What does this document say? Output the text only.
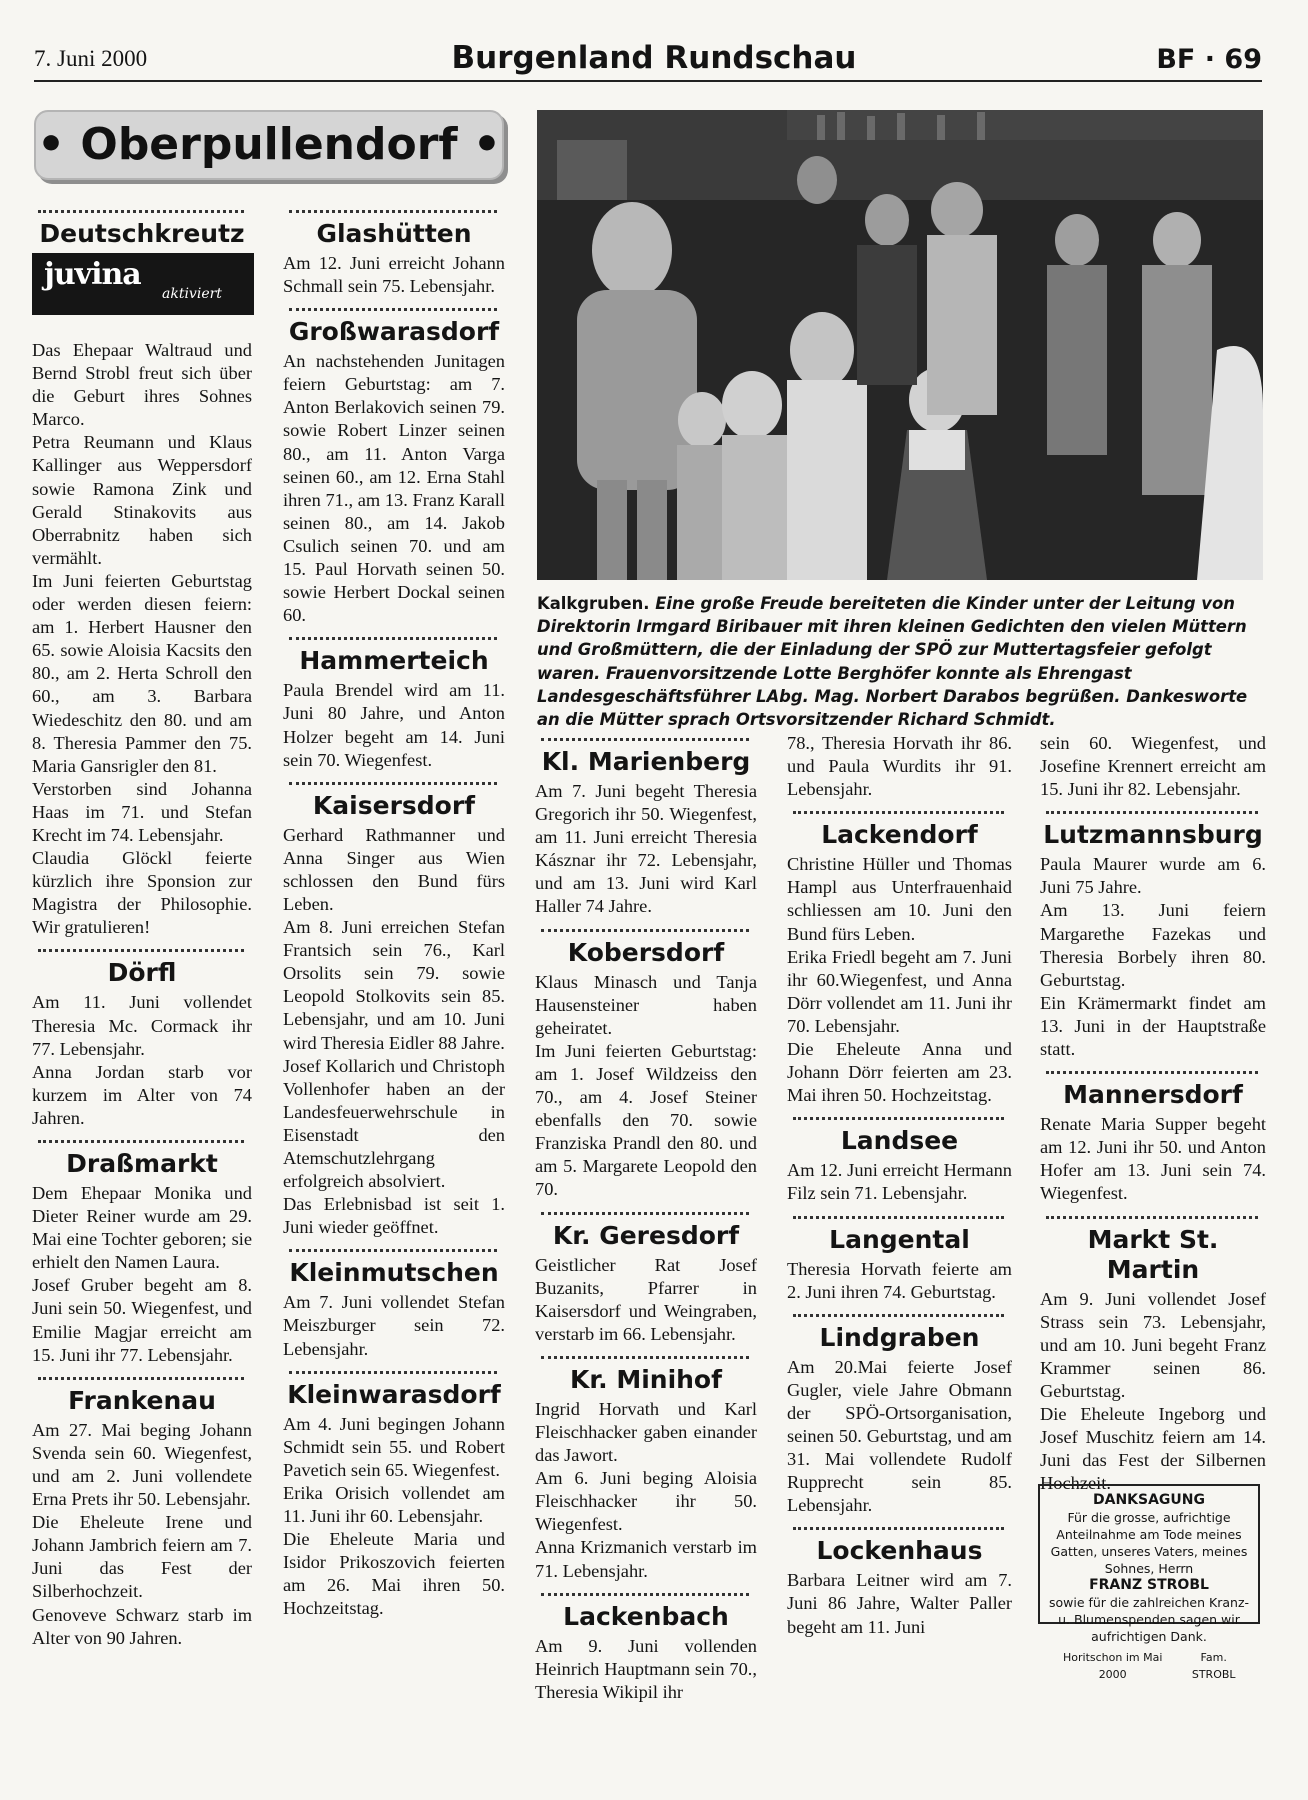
7. Juni 2000	Burgenland Rundschau	BF · 69
• Oberpullendorf •
Kalkgruben. Eine große Freude bereiteten die Kinder unter der Leitung von Direktorin Irmgard Biribauer mit ihren kleinen Gedichten den vielen Müttern und Großmüttern, die der Einladung der SPÖ zur Muttertagsfeier gefolgt waren. Frauenvorsitzende Lotte Berghöfer konnte als Ehrengast Landesgeschäftsführer LAbg. Mag. Norbert Darabos begrüßen. Dankesworte an die Mütter sprach Ortsvorsitzender Richard Schmidt.
Deutschkreutz
juvina
aktiviert

Das Ehepaar Waltraud und Bernd Strobl freut sich über die Geburt ihres Sohnes Marco.

Petra Reumann und Klaus Kallinger aus Weppersdorf sowie Ramona Zink und Gerald Stinakovits aus Oberrabnitz haben sich vermählt.

Im Juni feierten Geburtstag oder werden diesen feiern: am 1. Herbert Hausner den 65. sowie Aloisia Kacsits den 80., am 2. Herta Schroll den 60., am 3. Barbara Wiedeschitz den 80. und am 8. Theresia Pammer den 75. Maria Gansrigler den 81.

Verstorben sind Johanna Haas im 71. und Stefan Krecht im 74. Lebensjahr.

Claudia Glöckl feierte kürzlich ihre Sponsion zur Magistra der Philosophie. Wir gratulieren!

Dörfl

Am 11. Juni vollendet Theresia Mc. Cormack ihr 77. Lebensjahr.

Anna Jordan starb vor kurzem im Alter von 74 Jahren.

Draßmarkt

Dem Ehepaar Monika und Dieter Reiner wurde am 29. Mai eine Tochter geboren; sie erhielt den Namen Laura.

Josef Gruber begeht am 8. Juni sein 50. Wiegenfest, und Emilie Magjar erreicht am 15. Juni ihr 77. Lebensjahr.

Frankenau

Am 27. Mai beging Johann Svenda sein 60. Wiegenfest, und am 2. Juni vollendete Erna Prets ihr 50. Lebensjahr.

Die Eheleute Irene und Johann Jambrich feiern am 7. Juni das Fest der Silberhochzeit.

Genoveve Schwarz starb im Alter von 90 Jahren.

Glashütten

Am 12. Juni erreicht Johann Schmall sein 75. Lebensjahr.

Großwarasdorf

An nachstehenden Junitagen feiern Geburtstag: am 7. Anton Berlakovich seinen 79. sowie Robert Linzer seinen 80., am 11. Anton Varga seinen 60., am 12. Erna Stahl ihren 71., am 13. Franz Karall seinen 80., am 14. Jakob Csulich seinen 70. und am 15. Paul Horvath seinen 50. sowie Herbert Dockal seinen 60.

Hammerteich

Paula Brendel wird am 11. Juni 80 Jahre, und Anton Holzer begeht am 14. Juni sein 70. Wiegenfest.

Kaisersdorf

Gerhard Rathmanner und Anna Singer aus Wien schlossen den Bund fürs Leben.

Am 8. Juni erreichen Stefan Frantsich sein 76., Karl Orsolits sein 79. sowie Leopold Stolkovits sein 85. Lebensjahr, und am 10. Juni wird Theresia Eidler 88 Jahre.

Josef Kollarich und Christoph Vollenhofer haben an der Landesfeuerwehrschule in Eisenstadt den Atemschutzlehrgang erfolgreich absolviert.

Das Erlebnisbad ist seit 1. Juni wieder geöffnet.

Kleinmutschen

Am 7. Juni vollendet Stefan Meiszburger sein 72. Lebensjahr.

Kleinwarasdorf

Am 4. Juni begingen Johann Schmidt sein 55. und Robert Pavetich sein 65. Wiegenfest.

Erika Orisich vollendet am 11. Juni ihr 60. Lebensjahr.

Die Eheleute Maria und Isidor Prikoszovich feierten am 26. Mai ihren 50. Hochzeitstag.

Kl. Marienberg

Am 7. Juni begeht Theresia Gregorich ihr 50. Wiegenfest, am 11. Juni erreicht Theresia Kásznar ihr 72. Lebensjahr, und am 13. Juni wird Karl Haller 74 Jahre.

Kobersdorf

Klaus Minasch und Tanja Hausensteiner haben geheiratet.

Im Juni feierten Geburtstag: am 1. Josef Wildzeiss den 70., am 4. Josef Steiner ebenfalls den 70. sowie Franziska Prandl den 80. und am 5. Margarete Leopold den 70.

Kr. Geresdorf

Geistlicher Rat Josef Buzanits, Pfarrer in Kaisersdorf und Weingraben, verstarb im 66. Lebensjahr.

Kr. Minihof

Ingrid Horvath und Karl Fleischhacker gaben einander das Jawort.

Am 6. Juni beging Aloisia Fleischhacker ihr 50. Wiegenfest.

Anna Krizmanich verstarb im 71. Lebensjahr.

Lackenbach

Am 9. Juni vollenden Heinrich Hauptmann sein 70., Theresia Wikipil ihr

78., Theresia Horvath ihr 86. und Paula Wurdits ihr 91. Lebensjahr.

Lackendorf

Christine Hüller und Thomas Hampl aus Unterfrauenhaid schliessen am 10. Juni den Bund fürs Leben.

Erika Friedl begeht am 7. Juni ihr 60.Wiegenfest, und Anna Dörr vollendet am 11. Juni ihr 70. Lebensjahr.

Die Eheleute Anna und Johann Dörr feierten am 23. Mai ihren 50. Hochzeitstag.

Landsee

Am 12. Juni erreicht Hermann Filz sein 71. Lebensjahr.

Langental

Theresia Horvath feierte am 2. Juni ihren 74. Geburtstag.

Lindgraben

Am 20.Mai feierte Josef Gugler, viele Jahre Obmann der SPÖ-Ortsorganisation, seinen 50. Geburtstag, und am 31. Mai vollendete Rudolf Rupprecht sein 85. Lebensjahr.

Lockenhaus

Barbara Leitner wird am 7. Juni 86 Jahre, Walter Paller begeht am 11. Juni

sein 60. Wiegenfest, und Josefine Krennert erreicht am 15. Juni ihr 82. Lebensjahr.

Lutzmannsburg

Paula Maurer wurde am 6. Juni 75 Jahre.

Am 13. Juni feiern Margarethe Fazekas und Theresia Borbely ihren 80. Geburtstag.

Ein Krämermarkt findet am 13. Juni in der Hauptstraße statt.

Mannersdorf

Renate Maria Supper begeht am 12. Juni ihr 50. und Anton Hofer am 13. Juni sein 74. Wiegenfest.

Markt St. Martin

Am 9. Juni vollendet Josef Strass sein 73. Lebensjahr, und am 10. Juni begeht Franz Krammer seinen 86. Geburtstag.

Die Eheleute Ingeborg und Josef Muschitz feiern am 14. Juni das Fest der Silbernen Hochzeit.

DANKSAGUNG
Für die grosse, aufrichtige Anteilnahme am Tode meines Gatten, unseres Vaters, meines Sohnes, Herrn
FRANZ STROBL
sowie für die zahlreichen Kranz- u. Blumenspenden sagen wir aufrichtigen Dank.
Horitschon im Mai 2000
Fam. STROBL
